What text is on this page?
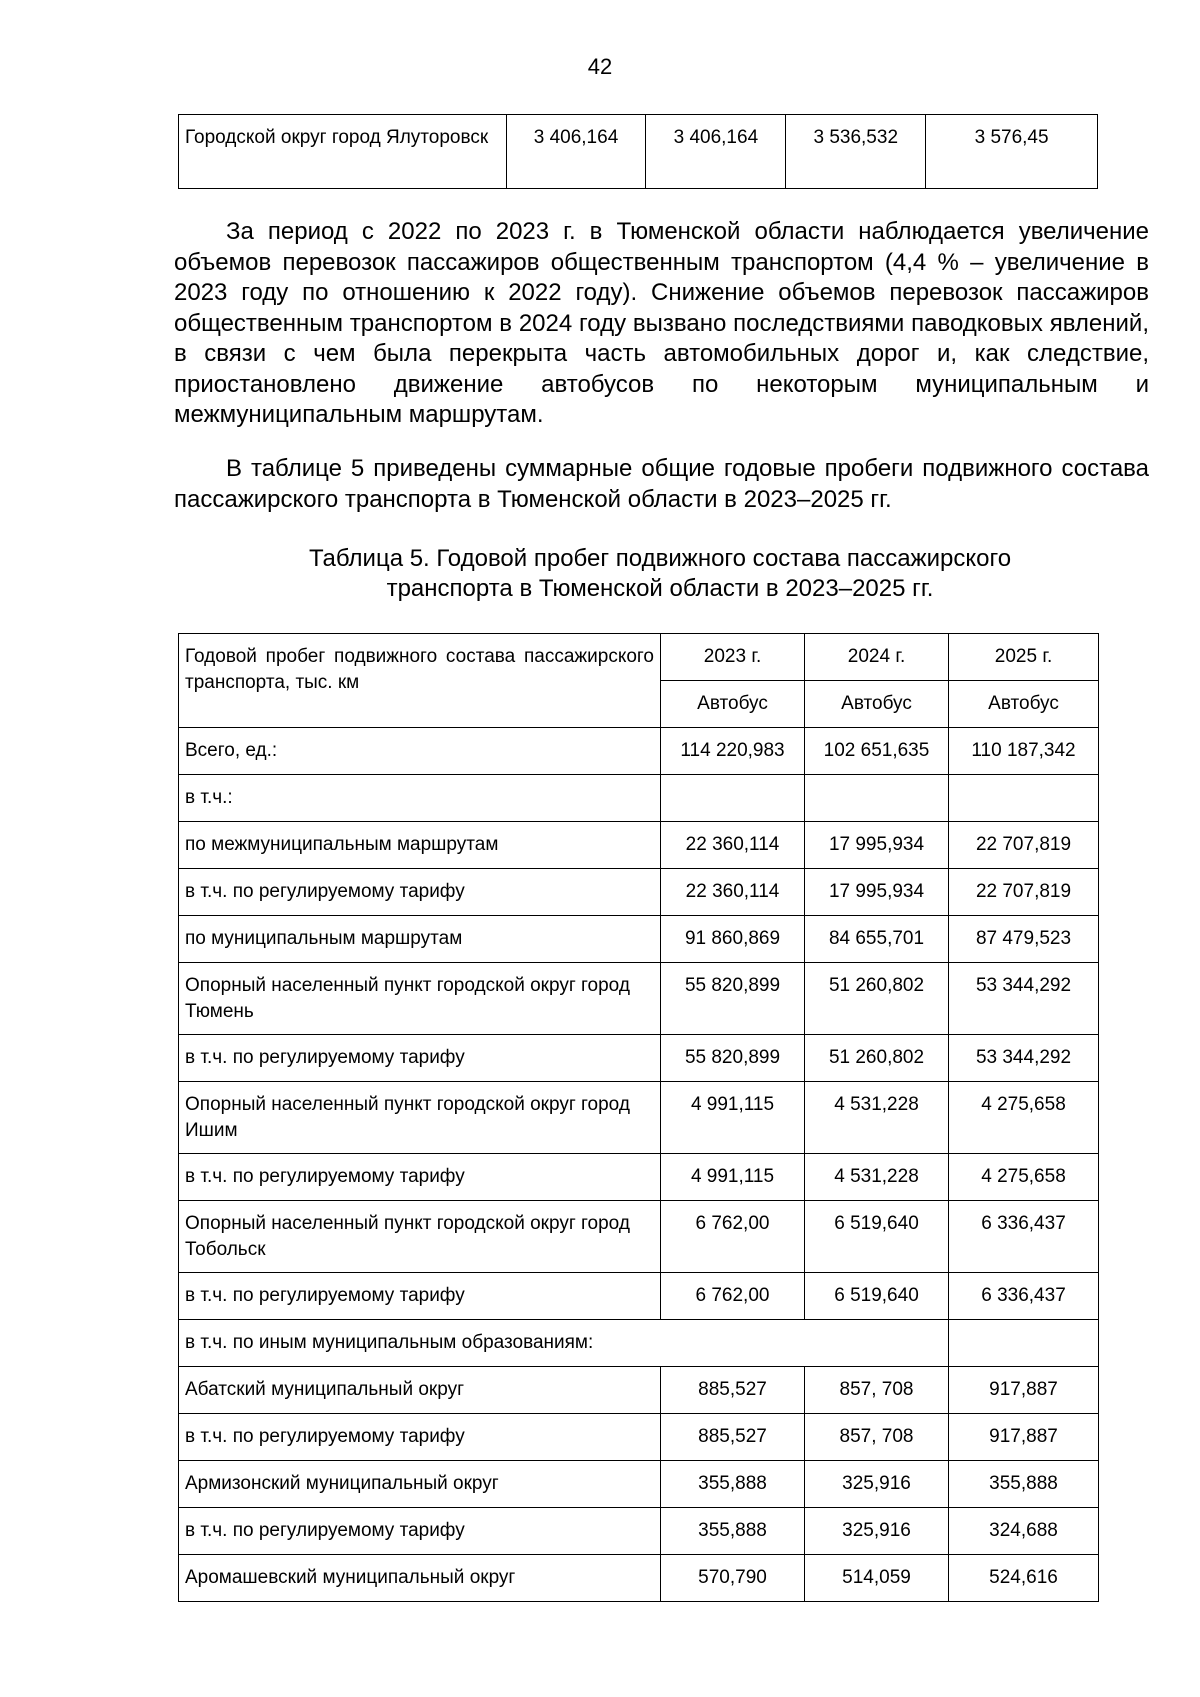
42
Городской округ город Ялуторовск	3 406,164	3 406,164	3 536,532	3 576,45

За период с 2022 по 2023 г. в Тюменской области наблюдается увеличение объемов перевозок пассажиров общественным транспортом (4,4 % – увеличение в 2023 году по отношению к 2022 году). Снижение объемов перевозок пассажиров общественным транспортом в 2024 году вызвано последствиями паводковых явлений, в связи с чем была перекрыта часть автомобильных дорог и, как следствие, приостановлено движение автобусов по некоторым муниципальным и межмуниципальным маршрутам.

В таблице 5 приведены суммарные общие годовые пробеги подвижного состава пассажирского транспорта в Тюменской области в 2023–2025 гг.

Таблица 5. Годовой пробег подвижного состава пассажирского
транспорта в Тюменской области в 2023–2025 гг.
Годовой пробег подвижного состава пассажирского транспорта, тыс. км	2023 г.	2024 г.	2025 г.
	Автобус	Автобус	Автобус
Всего, ед.:	114 220,983	102 651,635	110 187,342
в т.ч.:			
по межмуниципальным маршрутам	22 360,114	17 995,934	22 707,819
в т.ч. по регулируемому тарифу	22 360,114	17 995,934	22 707,819
по муниципальным маршрутам	91 860,869	84 655,701	87 479,523
Опорный населенный пункт городской округ город Тюмень	55 820,899	51 260,802	53 344,292
в т.ч. по регулируемому тарифу	55 820,899	51 260,802	53 344,292
Опорный населенный пункт городской округ город Ишим	4 991,115	4 531,228	4 275,658
в т.ч. по регулируемому тарифу	4 991,115	4 531,228	4 275,658
Опорный населенный пункт городской округ город Тобольск	6 762,00	6 519,640	6 336,437
в т.ч. по регулируемому тарифу	6 762,00	6 519,640	6 336,437
в т.ч. по иным муниципальным образованиям:			
Абатский муниципальный округ	885,527	857, 708	917,887
в т.ч. по регулируемому тарифу	885,527	857, 708	917,887
Армизонский муниципальный округ	355,888	325,916	355,888
в т.ч. по регулируемому тарифу	355,888	325,916	324,688
Аромашевский муниципальный округ	570,790	514,059	524,616
